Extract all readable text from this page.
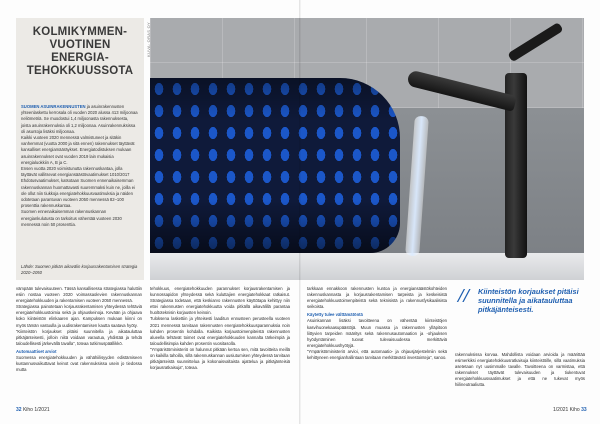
KUVA: ORAS OY
KOLMIKYMMEN-VUOTINEN ENERGIA-TEHOKKUUSSOTA

SUOMEN ASUINRAKENNUSTEN ja asuinrakennusten yhteenlaskettu kerrosala oli vuoden 2020 alussa 413 miljoonaa neliömetriä. Se muodostui 1,4 miljoonasta rakennuksesta, joista asuinrakennuksia oli 1,2 miljoonaa. Asuinrakennuksissa oli asuntoja lisäksi miljoonaa.

Kaikki vuoteen 2020 mennessä valmistuneet ja sitäkin vanhemmat (vuotta 2000 ja sitä ennen) rakennukset täyttävät kansalliset energiamääräykset. Energiatodistuksen mukaan asuinrakennukset ovat vuoden 2019 lain mukaisia energialuokkiin A, B ja C.

Ensen vuotta 2020 voimistunutta rakennuskantaa, jolla täyttävät vallitsevat energiansäästövaatimukset 1010/2017 Ehdotusvaatimukset, katsotaan Suomen ennenaikaisemman rakennuskannan huomattavasti suuremmaksi kuin ne, joilla ei ole ollut niin tiukkoja energiatehokkuusvaatimuksia ja näiden odotetaan parantuvan vuoteen 2050 mennessä 82–100 prosenttia rakennuskantaa.

Suomen ennenaikaisemman rakennuskannan energiankulutusta on tarkoitus vähentää vuoteen 2030 mennessä noin 50 prosenttia.

Lähde: Suomen pitkän aikavälin korjausrakentamisen strategia 2020–2050

vämpään tulevaisuuteen. Tässä kansallisessa strategiassa haluttiin esiin nostaa vuoteen 2020 voimassaolevien rakennuskannan energiatehokkuuden ja rakentamisen vuoteen 2050 mennessä.

Strategiassa painotetaan korjausrakentamisen yhteydessä tehtäviä energiatehokkuustoimia sekä ja ohjauskeinoja. Kevään ja ohjaava koko kiinteistön elinkaaren ajan. Kampuksen mukaan kiinni on myös tämän vastuulla ja uudisrakentamisen kautta saatava hyöty.

“Kiinteistön korjaukset pitäisi suunnitella ja aikatauluttaa pitkäjänteisesti, jolloin niitä voidaan varautua, yhdistää ja tehdä taloudellisesti järkevällä tavalla”, toteaa tutkimuspäällikkö.

Automaattiset arviot

Suomessa energiatehokkuuden ja vähähiilisyyden edistämiseen kustannusvaikuttavat keinot ovat rakennuksissa usein jo tiedossa mutta

tehokkuus, energiatehokkuuden parannukset korjausrakentamisen ja kunnossapidon yhteydessä sekä kuluttajien energiatehokkaat ratkaisut. Strategiassa todetaan, että keskiarvo rakennusten käyttötapa kehittyy niin ettei rakennusten energiatehokkuutta voida pitkällä aikavälillä parantaa huoltoteknisin korjausten keinoin.

Tuloksena laskettiin ja yhteisesti laaditun ennusteen perusteella vuoteen 2021 mennessä tarvitaan rakennusten energiatehokkuusparannuksia noin kahden prosentin kohdalla. Kaikista korjaustoimenpiteistä rakennusten alueella tehtävät toimet ovat energiatehokkuuden kannalta tärkeimpiä ja taloudellisimpia kahden prosentin vuositasolla.

“Ympäristöministeriö on halunnut pitkään kertoa sen, mitä tavoitteita meillä on kaikilla tahoilla, sillä rakennuskannan uusiutumisen yhteydessä tarvitaan pitkäjänteistä suunnittelua ja kokonaisvaltaista ajattelua ja pitkäjänteisiä korjausratkaisuja”, toteaa.

tarkkaan ennakkoon rakennusten kuntoa ja energiansäästökohteiden rakennuskannasta ja korjausrakentamisen tarpeista ja keskeisistä energiatehokkuustoimenpiteistä sekä teknisistä ja rakennusfysikaalisista seikoista.

Käytetty tulee välttämätöntä

Asuinkannan lisäksi tavoitteena on vähentää kiinteistöjen kasvihuonekaasupäästöjä. Muun muassa ja rakennusten ylläpitoon liittyvien tarpeiden määritys sekä rakennusautomaation ja -ohjauksen hyödyntäminen tuovat tulevaisuudessa merkittäviä energiatehokkuushyötyjä.

“Ympäristöministeriö arvioi, että automaatio- ja ohjausjärjestelmiin sekä kehittyneen energianhallintaan tarvitaan merkittävästi investointeja”, sanoo.

// Kiinteistön korjaukset pitäisi suunnitella ja aikatauluttaa pitkäjänteisesti.

rakennuksissa korvaa. Mahdollista voidaan arvioida ja määrittää esimerkiksi energiatehokkuusratkaisuja kiinteistöille, sillä vaatimuksia asetetaan nyt uusimmalle tavalle. Tavoitteena on varmistaa, että rakennukset täyttävät tulevaisuuden ja tiukentuvat energiatehokkuusvaatimukset ja että ne tukevat myös hiilineutraaliutta.

32 Kiho 1/2021	1/2021 Kiho 33
